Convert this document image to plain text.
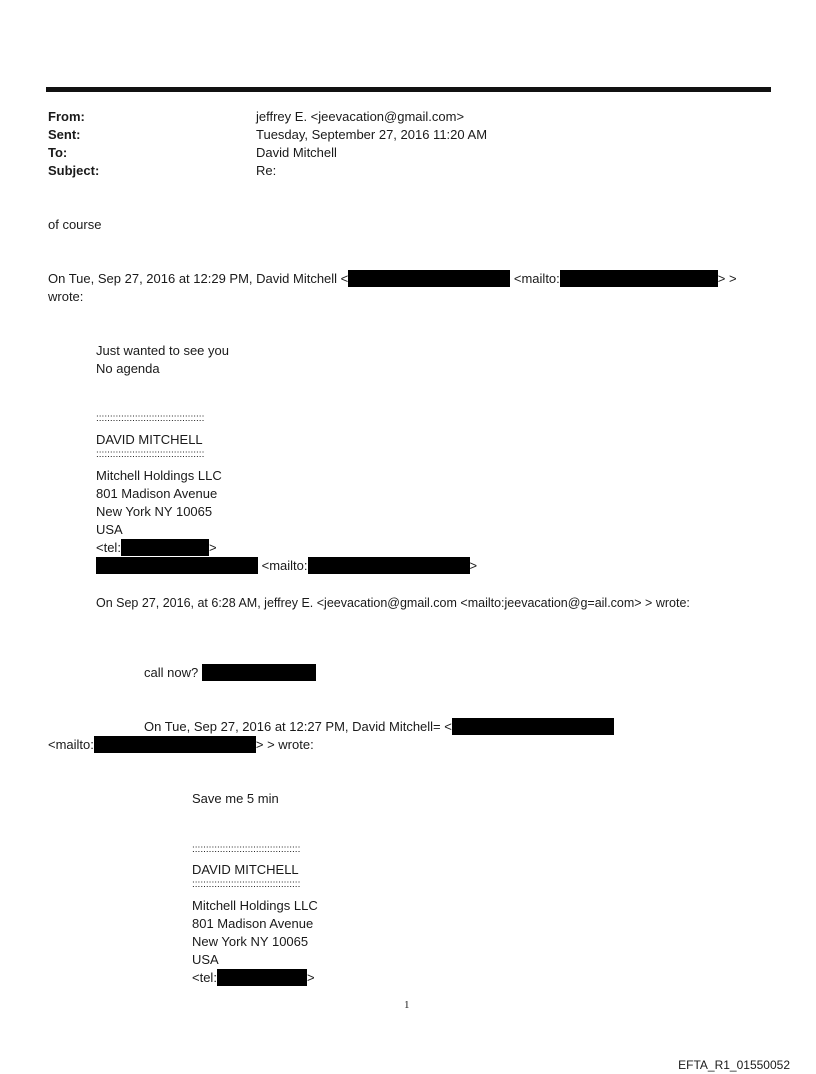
From:	jeffrey E. <jeevacation@gmail.com>
Sent:	Tuesday, September 27, 2016 11:20 AM
To:	David Mitchell
Subject:	Re:
of course
On Tue, Sep 27, 2016 at 12:29 PM, David Mitchell <	<mailto:	> >
wrote:
Just wanted to see you
No agenda
:::::::::::::::::::::::::::::::::::::::
DAVID MITCHELL
:::::::::::::::::::::::::::::::::::::::
Mitchell Holdings LLC
801 Madison Avenue
New York NY 10065
USA
<tel:	>
<mailto:	>
On Sep 27, 2016, at 6:28 AM, jeffrey E. <jeevacation@gmail.com <mailto:jeevacation@g=ail.com> > wrote:
call now?
On Tue, Sep 27, 2016 at 12:27 PM, David Mitchell= <
<mailto:	> > wrote:
Save me 5 min
:::::::::::::::::::::::::::::::::::::::
DAVID MITCHELL
:::::::::::::::::::::::::::::::::::::::
Mitchell Holdings LLC
801 Madison Avenue
New York NY 10065
USA
<tel:	>
1
EFTA_R1_01550052
